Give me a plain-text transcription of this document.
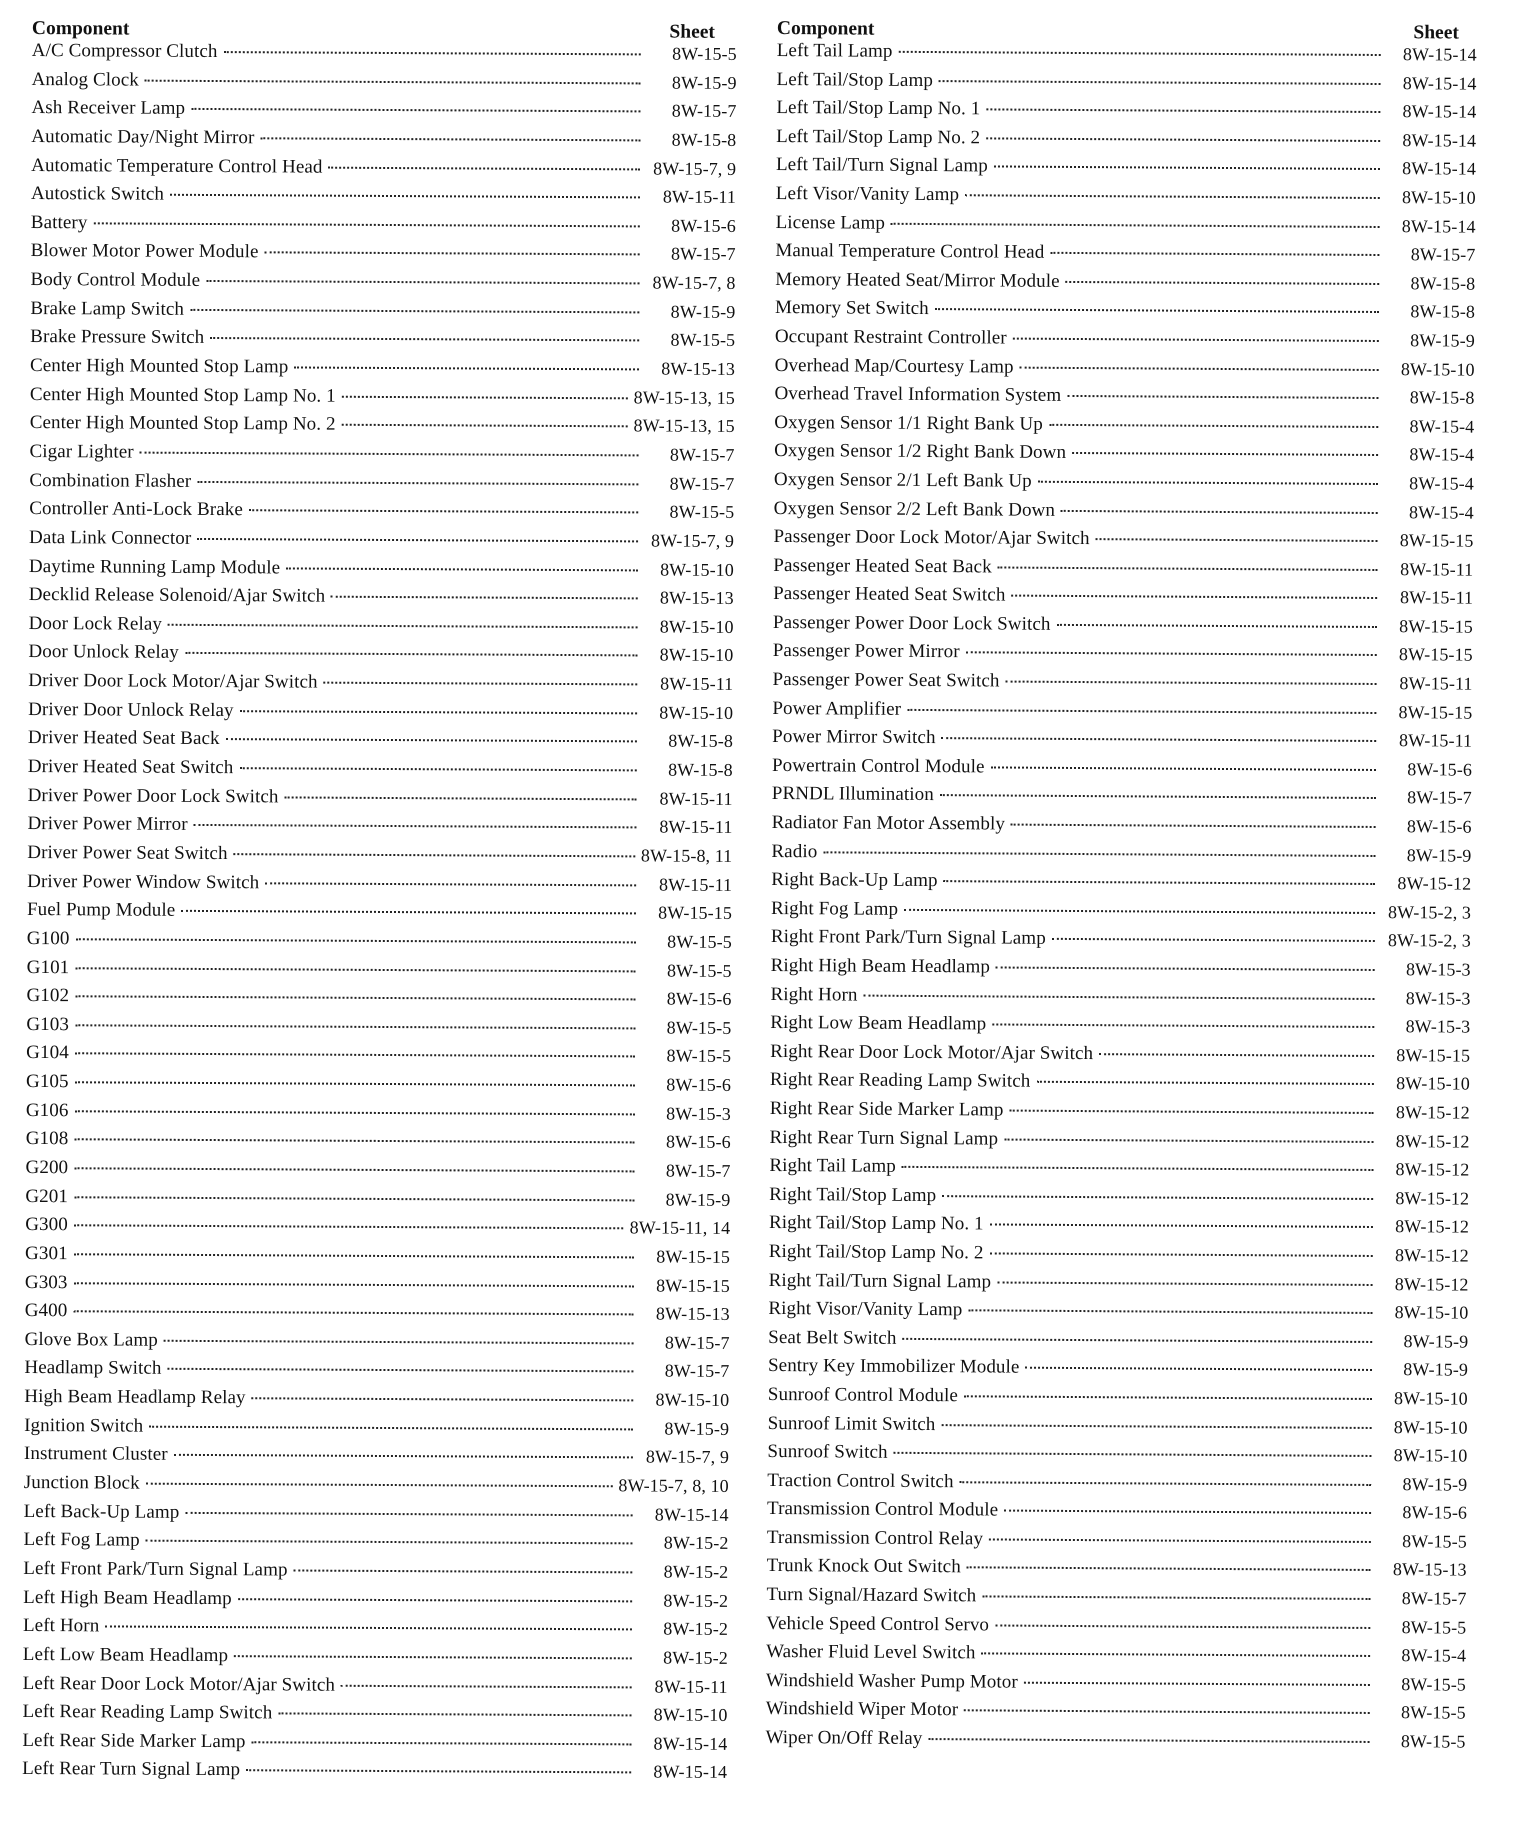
Component	Sheet
A/C Compressor Clutch	8W-15-5
Analog Clock	8W-15-9
Ash Receiver Lamp	8W-15-7
Automatic Day/Night Mirror	8W-15-8
Automatic Temperature Control Head	8W-15-7, 9
Autostick Switch	8W-15-11
Battery	8W-15-6
Blower Motor Power Module	8W-15-7
Body Control Module	8W-15-7, 8
Brake Lamp Switch	8W-15-9
Brake Pressure Switch	8W-15-5
Center High Mounted Stop Lamp	8W-15-13
Center High Mounted Stop Lamp No. 1	8W-15-13, 15
Center High Mounted Stop Lamp No. 2	8W-15-13, 15
Cigar Lighter	8W-15-7
Combination Flasher	8W-15-7
Controller Anti-Lock Brake	8W-15-5
Data Link Connector	8W-15-7, 9
Daytime Running Lamp Module	8W-15-10
Decklid Release Solenoid/Ajar Switch	8W-15-13
Door Lock Relay	8W-15-10
Door Unlock Relay	8W-15-10
Driver Door Lock Motor/Ajar Switch	8W-15-11
Driver Door Unlock Relay	8W-15-10
Driver Heated Seat Back	8W-15-8
Driver Heated Seat Switch	8W-15-8
Driver Power Door Lock Switch	8W-15-11
Driver Power Mirror	8W-15-11
Driver Power Seat Switch	8W-15-8, 11
Driver Power Window Switch	8W-15-11
Fuel Pump Module	8W-15-15
G100	8W-15-5
G101	8W-15-5
G102	8W-15-6
G103	8W-15-5
G104	8W-15-5
G105	8W-15-6
G106	8W-15-3
G108	8W-15-6
G200	8W-15-7
G201	8W-15-9
G300	8W-15-11, 14
G301	8W-15-15
G303	8W-15-15
G400	8W-15-13
Glove Box Lamp	8W-15-7
Headlamp Switch	8W-15-7
High Beam Headlamp Relay	8W-15-10
Ignition Switch	8W-15-9
Instrument Cluster	8W-15-7, 9
Junction Block	8W-15-7, 8, 10
Left Back-Up Lamp	8W-15-14
Left Fog Lamp	8W-15-2
Left Front Park/Turn Signal Lamp	8W-15-2
Left High Beam Headlamp	8W-15-2
Left Horn	8W-15-2
Left Low Beam Headlamp	8W-15-2
Left Rear Door Lock Motor/Ajar Switch	8W-15-11
Left Rear Reading Lamp Switch	8W-15-10
Left Rear Side Marker Lamp	8W-15-14
Left Rear Turn Signal Lamp	8W-15-14
Component	Sheet
Left Tail Lamp	8W-15-14
Left Tail/Stop Lamp	8W-15-14
Left Tail/Stop Lamp No. 1	8W-15-14
Left Tail/Stop Lamp No. 2	8W-15-14
Left Tail/Turn Signal Lamp	8W-15-14
Left Visor/Vanity Lamp	8W-15-10
License Lamp	8W-15-14
Manual Temperature Control Head	8W-15-7
Memory Heated Seat/Mirror Module	8W-15-8
Memory Set Switch	8W-15-8
Occupant Restraint Controller	8W-15-9
Overhead Map/Courtesy Lamp	8W-15-10
Overhead Travel Information System	8W-15-8
Oxygen Sensor 1/1 Right Bank Up	8W-15-4
Oxygen Sensor 1/2 Right Bank Down	8W-15-4
Oxygen Sensor 2/1 Left Bank Up	8W-15-4
Oxygen Sensor 2/2 Left Bank Down	8W-15-4
Passenger Door Lock Motor/Ajar Switch	8W-15-15
Passenger Heated Seat Back	8W-15-11
Passenger Heated Seat Switch	8W-15-11
Passenger Power Door Lock Switch	8W-15-15
Passenger Power Mirror	8W-15-15
Passenger Power Seat Switch	8W-15-11
Power Amplifier	8W-15-15
Power Mirror Switch	8W-15-11
Powertrain Control Module	8W-15-6
PRNDL Illumination	8W-15-7
Radiator Fan Motor Assembly	8W-15-6
Radio	8W-15-9
Right Back-Up Lamp	8W-15-12
Right Fog Lamp	8W-15-2, 3
Right Front Park/Turn Signal Lamp	8W-15-2, 3
Right High Beam Headlamp	8W-15-3
Right Horn	8W-15-3
Right Low Beam Headlamp	8W-15-3
Right Rear Door Lock Motor/Ajar Switch	8W-15-15
Right Rear Reading Lamp Switch	8W-15-10
Right Rear Side Marker Lamp	8W-15-12
Right Rear Turn Signal Lamp	8W-15-12
Right Tail Lamp	8W-15-12
Right Tail/Stop Lamp	8W-15-12
Right Tail/Stop Lamp No. 1	8W-15-12
Right Tail/Stop Lamp No. 2	8W-15-12
Right Tail/Turn Signal Lamp	8W-15-12
Right Visor/Vanity Lamp	8W-15-10
Seat Belt Switch	8W-15-9
Sentry Key Immobilizer Module	8W-15-9
Sunroof Control Module	8W-15-10
Sunroof Limit Switch	8W-15-10
Sunroof Switch	8W-15-10
Traction Control Switch	8W-15-9
Transmission Control Module	8W-15-6
Transmission Control Relay	8W-15-5
Trunk Knock Out Switch	8W-15-13
Turn Signal/Hazard Switch	8W-15-7
Vehicle Speed Control Servo	8W-15-5
Washer Fluid Level Switch	8W-15-4
Windshield Washer Pump Motor	8W-15-5
Windshield Wiper Motor	8W-15-5
Wiper On/Off Relay	8W-15-5
